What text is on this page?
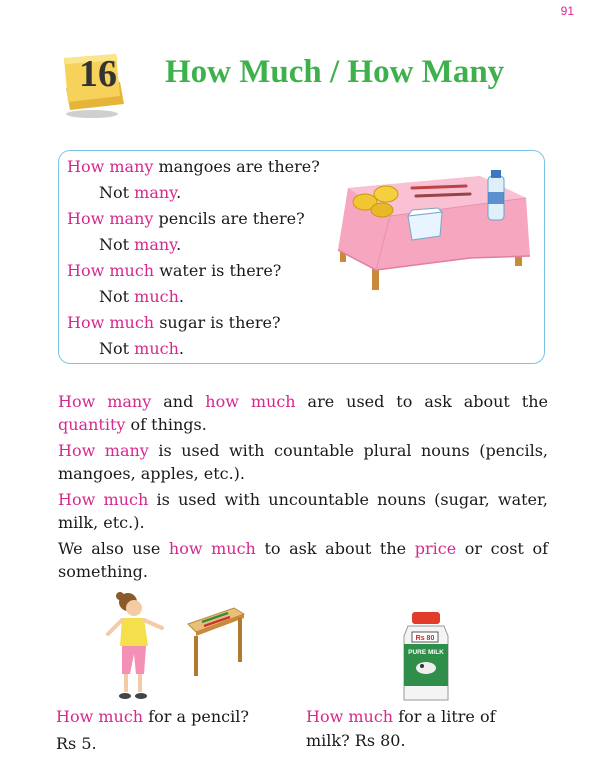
91
16 How Much / How Many
How many mangoes are there?
Not many.
How many pencils are there?
Not many.
How much water is there?
Not much.
How much sugar is there?
Not much.
How many and how much are used to ask about the quantity of things.
How many is used with countable plural nouns (pencils, mangoes, apples, etc.).
How much is used with uncountable nouns (sugar, water, milk, etc.).
We also use how much to ask about the price or cost of something.
Rs 80
PURE MILK
How much for a pencil?
Rs 5.
How much for a litre of
milk? Rs 80.
